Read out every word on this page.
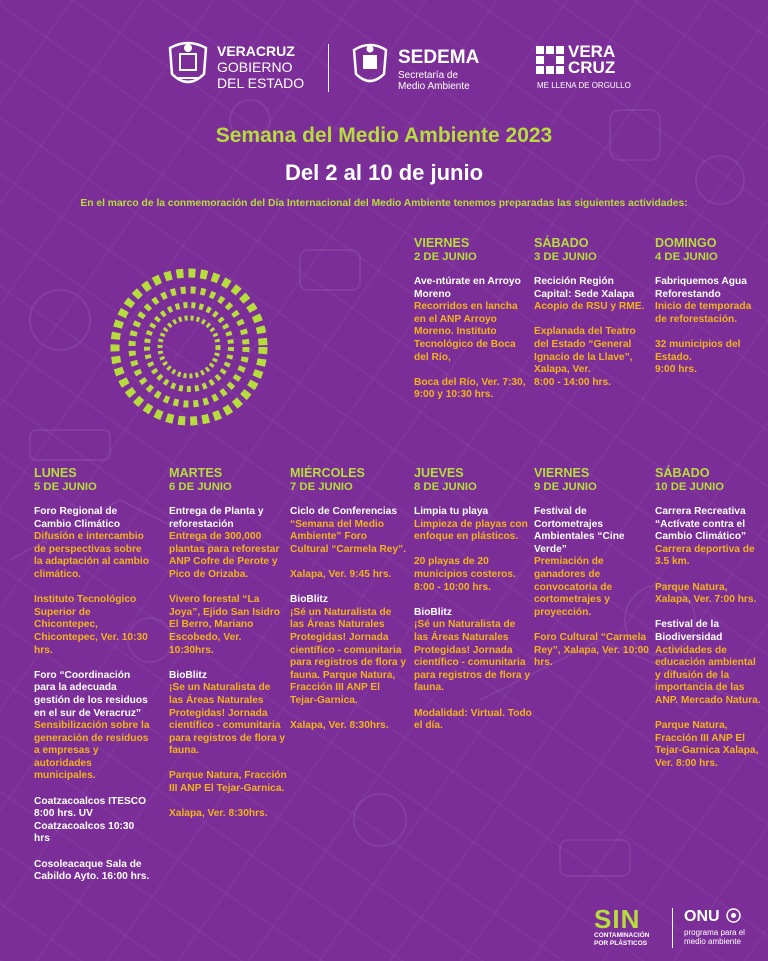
VERACRUZ
GOBIERNO
DEL ESTADO
SEDEMA
Secretaría de
Medio Ambiente
VERA
CRUZ
ME LLENA DE ORGULLO
Semana del Medio Ambiente 2023
Del 2 al 10 de junio
En el marco de la conmemoración del Día Internacional del Medio Ambiente tenemos preparadas las siguientes actividades:
VIERNES
2 DE JUNIO
Ave-ntúrate en Arroyo Moreno
Recorridos en lancha en el ANP Arroyo Moreno. Instituto Tecnológico de Boca del Río,
Boca del Río, Ver. 7:30, 9:00 y 10:30 hrs.
SÁBADO
3 DE JUNIO
Recición Región Capital: Sede Xalapa
Acopio de RSU y RME.
Explanada del Teatro del Estado “General Ignacio de la Llave”, Xalapa, Ver.
8:00 - 14:00 hrs.
DOMINGO
4 DE JUNIO
Fabriquemos Agua Reforestando
Inicio de temporada de reforestación.
32 municipios del Estado.
9:00 hrs.
LUNES
5 DE JUNIO
Foro Regional de Cambio Climático
Difusión e intercambio de perspectivas sobre la adaptación al cambio climático.
Instituto Tecnológico Superior de Chicontepec, Chicontepec, Ver. 10:30 hrs.
Foro “Coordinación para la adecuada gestión de los residuos en el sur de Veracruz”
Sensibilización sobre la generación de residuos a empresas y autoridades municipales.
Coatzacoalcos ITESCO 8:00 hrs. UV Coatzacoalcos 10:30 hrs
Cosoleacaque Sala de Cabildo Ayto. 16:00 hrs.
MARTES
6 DE JUNIO
Entrega de Planta y reforestación
Entrega de 300,000 plantas para reforestar ANP Cofre de Perote y Pico de Orizaba.
Vivero forestal “La Joya”, Ejido San Isidro El Berro, Mariano Escobedo, Ver. 10:30hrs.
BioBlitz
¡Se un Naturalista de las Áreas Naturales Protegidas! Jornada científico - comunitaria para registros de flora y fauna.
Parque Natura, Fracción III ANP El Tejar-Garnica.
Xalapa, Ver. 8:30hrs.
MIÉRCOLES
7 DE JUNIO
Ciclo de Conferencias
“Semana del Medio Ambiente” Foro Cultural “Carmela Rey”.
Xalapa, Ver. 9:45 hrs.
BioBlitz
¡Sé un Naturalista de las Áreas Naturales Protegidas! Jornada científico - comunitaria para registros de flora y fauna. Parque Natura, Fracción III ANP El Tejar-Garnica.
Xalapa, Ver. 8:30hrs.
JUEVES
8 DE JUNIO
Limpia tu playa
Limpieza de playas con enfoque en plásticos.
20 playas de 20 municipios costeros. 8:00 - 10:00 hrs.
BioBlitz
¡Sé un Naturalista de las Áreas Naturales Protegidas! Jornada científico - comunitaria para registros de flora y fauna.
Modalidad: Virtual. Todo el día.
VIERNES
9 DE JUNIO
Festival de Cortometrajes Ambientales “Cine Verde”
Premiación de ganadores de convocatoria de cortometrajes y proyección.
Foro Cultural “Carmela Rey”, Xalapa, Ver. 10:00 hrs.
SÁBADO
10 DE JUNIO
Carrera Recreativa “Actívate contra el Cambio Climático”
Carrera deportiva de 3.5 km.
Parque Natura, Xalapa, Ver. 7:00 hrs.
Festival de la Biodiversidad
Actividades de educación ambiental y difusión de la importancia de las ANP. Mercado Natura.
Parque Natura, Fracción III ANP El Tejar-Garnica Xalapa, Ver. 8:00 hrs.
SIN
CONTAMINACIÓN
POR PLÁSTICOS
ONU
programa para el
medio ambiente
